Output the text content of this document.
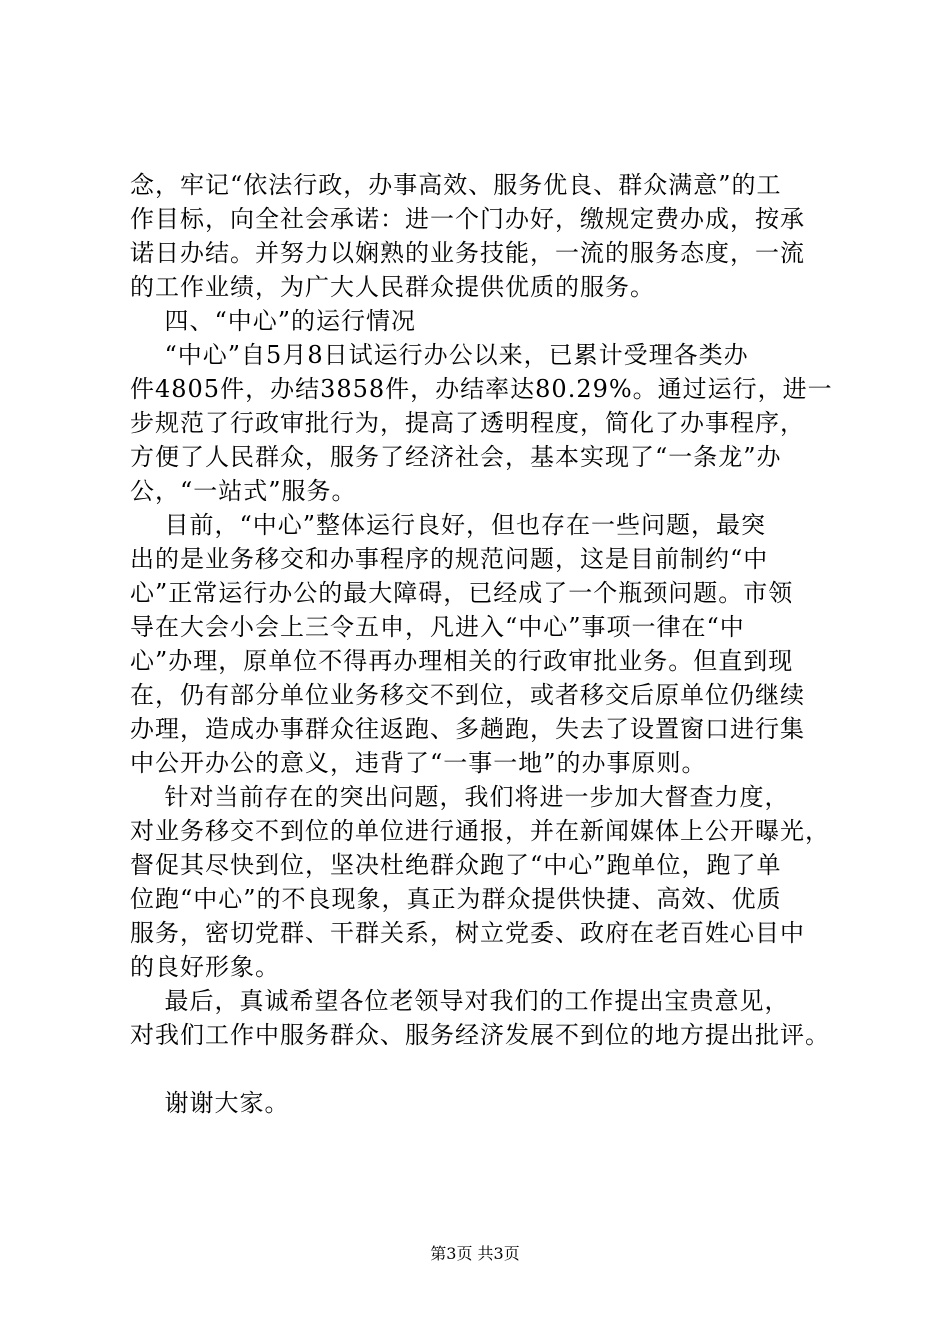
念，牢记“依法行政，办事高效、服务优良、群众满意”的工
作目标，向全社会承诺：进一个门办好，缴规定费办成，按承
诺日办结。并努力以娴熟的业务技能，一流的服务态度，一流
的工作业绩，为广大人民群众提供优质的服务。
四、“中心”的运行情况
“中心”自5月8日试运行办公以来，已累计受理各类办
件4805件，办结3858件，办结率达80.29%。通过运行，进一
步规范了行政审批行为，提高了透明程度，简化了办事程序，
方便了人民群众，服务了经济社会，基本实现了“一条龙”办
公，“一站式”服务。
目前，“中心”整体运行良好，但也存在一些问题，最突
出的是业务移交和办事程序的规范问题，这是目前制约“中
心”正常运行办公的最大障碍，已经成了一个瓶颈问题。市领
导在大会小会上三令五申，凡进入“中心”事项一律在“中
心”办理，原单位不得再办理相关的行政审批业务。但直到现
在，仍有部分单位业务移交不到位，或者移交后原单位仍继续
办理，造成办事群众往返跑、多趟跑，失去了设置窗口进行集
中公开办公的意义，违背了“一事一地”的办事原则。
针对当前存在的突出问题，我们将进一步加大督查力度，
对业务移交不到位的单位进行通报，并在新闻媒体上公开曝光，
督促其尽快到位，坚决杜绝群众跑了“中心”跑单位，跑了单
位跑“中心”的不良现象，真正为群众提供快捷、高效、优质
服务，密切党群、干群关系，树立党委、政府在老百姓心目中
的良好形象。
最后，真诚希望各位老领导对我们的工作提出宝贵意见，
对我们工作中服务群众、服务经济发展不到位的地方提出批评。
谢谢大家。
第3页 共3页
